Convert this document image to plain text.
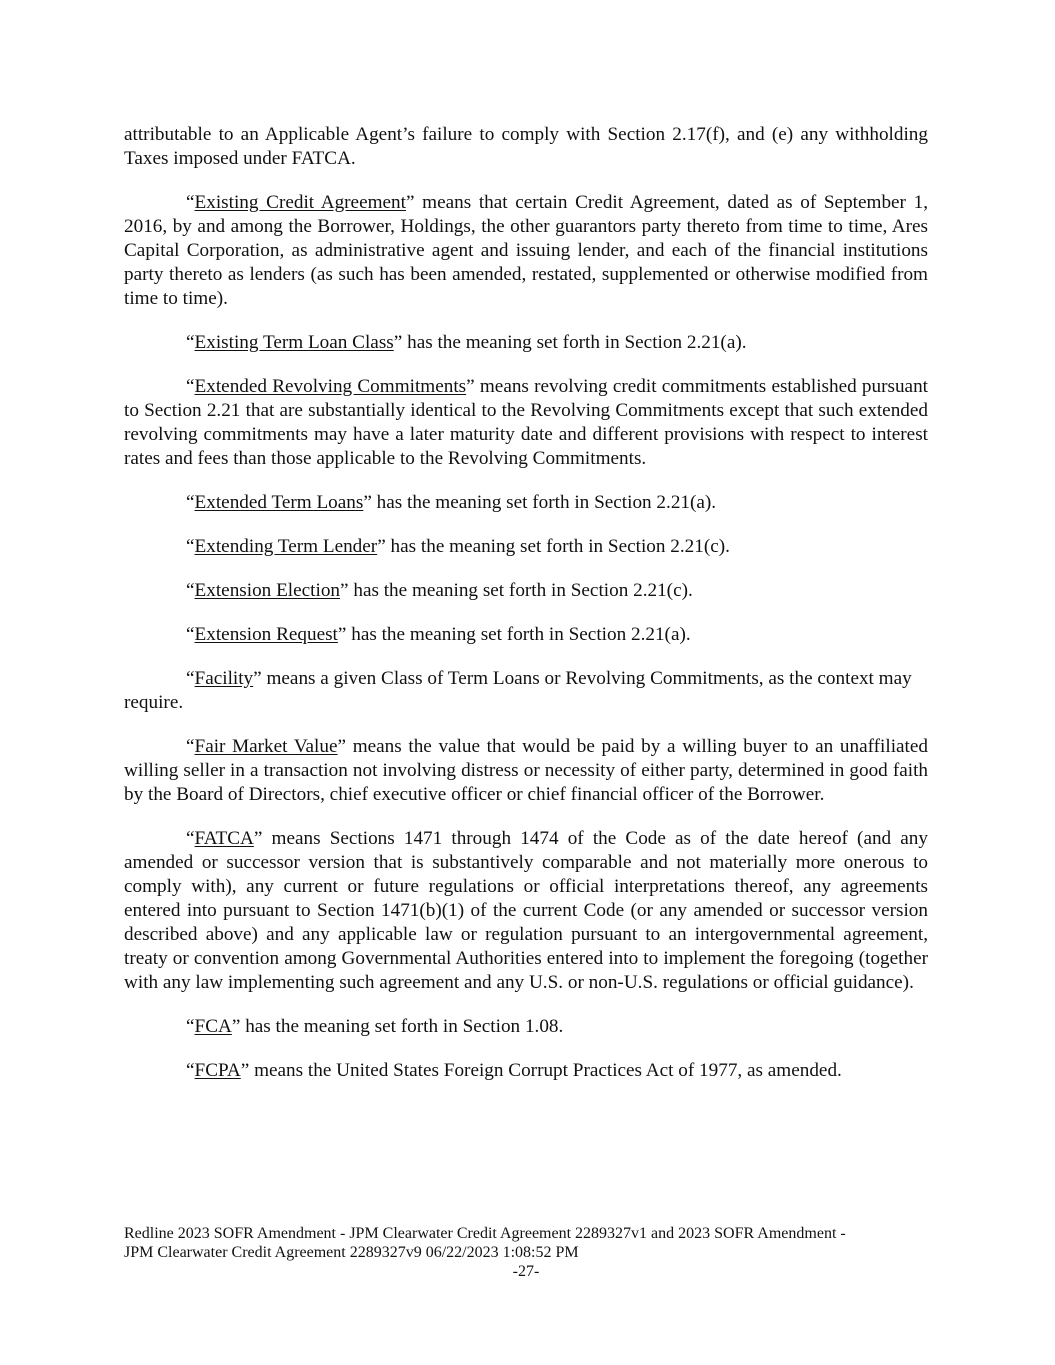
attributable to an Applicable Agent’s failure to comply with Section 2.17(f), and (e) any withholding Taxes imposed under FATCA.

“Existing Credit Agreement” means that certain Credit Agreement, dated as of September 1, 2016, by and among the Borrower, Holdings, the other guarantors party thereto from time to time, Ares Capital Corporation, as administrative agent and issuing lender, and each of the financial institutions party thereto as lenders (as such has been amended, restated, supplemented or otherwise modified from time to time).

“Existing Term Loan Class” has the meaning set forth in Section 2.21(a).

“Extended Revolving Commitments” means revolving credit commitments established pursuant to Section 2.21 that are substantially identical to the Revolving Commitments except that such extended revolving commitments may have a later maturity date and different provisions with respect to interest rates and fees than those applicable to the Revolving Commitments.

“Extended Term Loans” has the meaning set forth in Section 2.21(a).

“Extending Term Lender” has the meaning set forth in Section 2.21(c).

“Extension Election” has the meaning set forth in Section 2.21(c).

“Extension Request” has the meaning set forth in Section 2.21(a).

“Facility” means a given Class of Term Loans or Revolving Commitments, as the context may require.

“Fair Market Value” means the value that would be paid by a willing buyer to an unaffiliated willing seller in a transaction not involving distress or necessity of either party, determined in good faith by the Board of Directors, chief executive officer or chief financial officer of the Borrower.

“FATCA” means Sections 1471 through 1474 of the Code as of the date hereof (and any amended or successor version that is substantively comparable and not materially more onerous to comply with), any current or future regulations or official interpretations thereof, any agreements entered into pursuant to Section 1471(b)(1) of the current Code (or any amended or successor version described above) and any applicable law or regulation pursuant to an intergovernmental agreement, treaty or convention among Governmental Authorities entered into to implement the foregoing (together with any law implementing such agreement and any U.S. or non-U.S. regulations or official guidance).

“FCA” has the meaning set forth in Section 1.08.

“FCPA” means the United States Foreign Corrupt Practices Act of 1977, as amended.

Redline 2023 SOFR Amendment - JPM Clearwater Credit Agreement 2289327v1 and 2023 SOFR Amendment -
JPM Clearwater Credit Agreement 2289327v9 06/22/2023 1:08:52 PM
-27-
